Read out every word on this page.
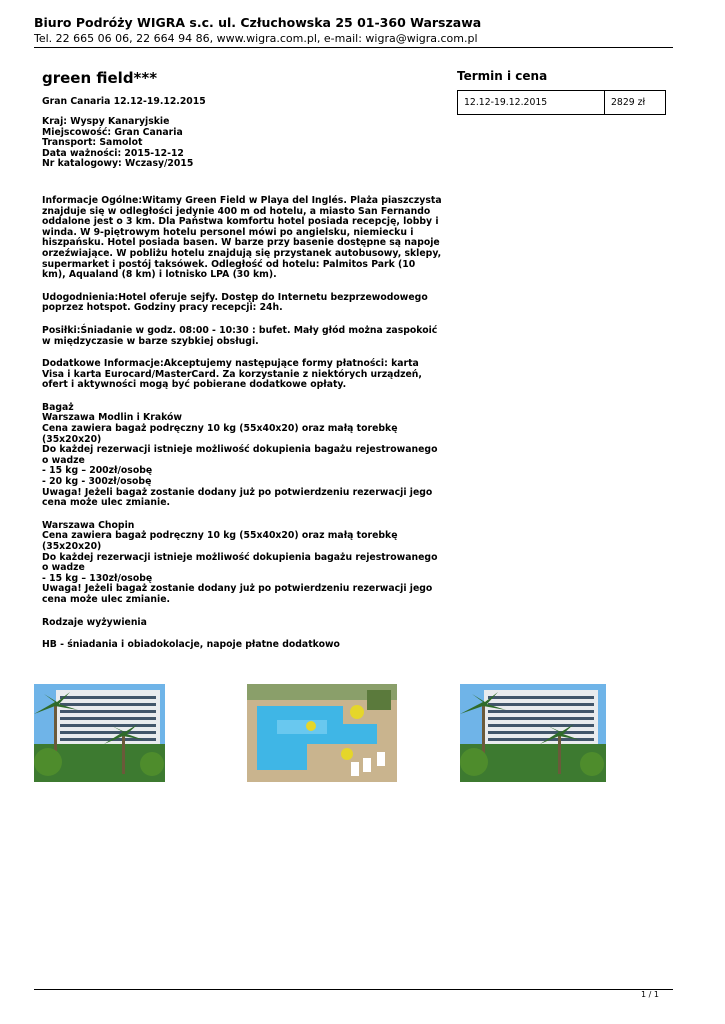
Biuro Podróży WIGRA s.c. ul. Człuchowska 25 01-360 Warszawa
Tel. 22 665 06 06, 22 664 94 86, www.wigra.com.pl, e-mail: wigra@wigra.com.pl
green field***
Gran Canaria 12.12-19.12.2015
Kraj: Wyspy Kanaryjskie
Miejscowość: Gran Canaria
Transport: Samolot
Data ważności: 2015-12-12
Nr katalogowy: Wczasy/2015
Informacje Ogólne:Witamy Green Field w Playa del Inglés. Plaża piaszczysta znajduje się w odległości jedynie 400 m od hotelu, a miasto San Fernando oddalone jest o 3 km. Dla Państwa komfortu hotel posiada recepcję, lobby i winda. W 9-piętrowym hotelu personel mówi po angielsku, niemiecku i hiszpańsku. Hotel posiada basen. W barze przy basenie dostępne są napoje orzeźwiające. W pobliżu hotelu znajdują się przystanek autobusowy, sklepy, supermarket i postój taksówek. Odległość od hotelu: Palmitos Park (10 km), Aqualand (8 km) i lotnisko LPA (30 km).
Udogodnienia:Hotel oferuje sejfy. Dostęp do Internetu bezprzewodowego poprzez hotspot. Godziny pracy recepcji: 24h.
Posiłki:Śniadanie w godz. 08:00 - 10:30 : bufet. Mały głód można zaspokoić w międzyczasie w barze szybkiej obsługi.
Dodatkowe Informacje:Akceptujemy następujące formy płatności: karta Visa i karta Eurocard/MasterCard. Za korzystanie z niektórych urządzeń, ofert i aktywności mogą być pobierane dodatkowe opłaty.
Bagaż
Warszawa Modlin i Kraków
Cena zawiera bagaż podręczny 10 kg (55x40x20) oraz małą torebkę (35x20x20)
Do każdej rezerwacji istnieje możliwość dokupienia bagażu rejestrowanego o wadze
- 15 kg – 200zł/osobę
- 20 kg - 300zł/osobę
Uwaga! Jeżeli bagaż zostanie dodany już po potwierdzeniu rezerwacji jego cena może ulec zmianie.
Warszawa Chopin
Cena zawiera bagaż podręczny 10 kg (55x40x20) oraz małą torebkę (35x20x20)
Do każdej rezerwacji istnieje możliwość dokupienia bagażu rejestrowanego o wadze
- 15 kg – 130zł/osobę
Uwaga! Jeżeli bagaż zostanie dodany już po potwierdzeniu rezerwacji jego cena może ulec zmianie.
Rodzaje wyżywienia
HB - śniadania i obiadokolacje, napoje płatne dodatkowo
Termin i cena
12.12-19.12.2015	2829 zł
1 / 1
